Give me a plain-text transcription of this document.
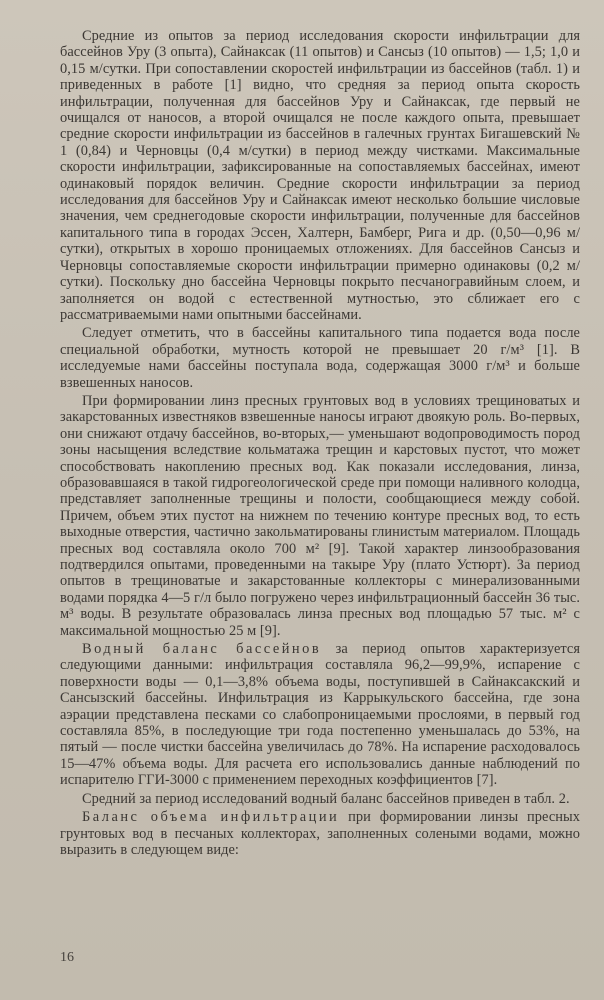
Средние из опытов за период исследования скорости инфильтрации для бассейнов Уру (3 опыта), Сайнаксак (11 опытов) и Сансыз (10 опытов) — 1,5; 1,0 и 0,15 м/сутки. При сопоставлении скоростей инфильтрации из бассейнов (табл. 1) и приведенных в работе [1] видно, что средняя за период опыта скорость инфильтрации, полученная для бассейнов Уру и Сайнаксак, где первый не очищался от наносов, а второй очищался не после каждого опыта, превышает средние скорости инфильтрации из бассейнов в галечных грунтах Бигашевский № 1 (0,84) и Черновцы (0,4 м/сутки) в период между чистками. Максимальные скорости инфильтрации, зафиксированные на сопоставляемых бассейнах, имеют одинаковый порядок величин. Средние скорости инфильтрации за период исследования для бассейнов Уру и Сайнаксак имеют несколько большие числовые значения, чем среднегодовые скорости инфильтрации, полученные для бассейнов капитального типа в городах Эссен, Халтерн, Бамберг, Рига и др. (0,50—0,96 м/сутки), открытых в хорошо проницаемых отложениях. Для бассейнов Сансыз и Черновцы сопоставляемые скорости инфильтрации примерно одинаковы (0,2 м/сутки). Поскольку дно бассейна Черновцы покрыто песчаногравийным слоем, и заполняется он водой с естественной мутностью, это сближает его с рассматриваемыми нами опытными бассейнами.

Следует отметить, что в бассейны капитального типа подается вода после специальной обработки, мутность которой не превышает 20 г/м³ [1]. В исследуемые нами бассейны поступала вода, содержащая 3000 г/м³ и больше взвешенных наносов.

При формировании линз пресных грунтовых вод в условиях трещиноватых и закарстованных известняков взвешенные наносы играют двоякую роль. Во-первых, они снижают отдачу бассейнов, во-вторых,— уменьшают водопроводимость пород зоны насыщения вследствие кольматажа трещин и карстовых пустот, что может способствовать накоплению пресных вод. Как показали исследования, линза, образовавшаяся в такой гидрогеологической среде при помощи наливного колодца, представляет заполненные трещины и полости, сообщающиеся между собой. Причем, объем этих пустот на нижнем по течению контуре пресных вод, то есть выходные отверстия, частично закольматированы глинистым материалом. Площадь пресных вод составляла около 700 м² [9]. Такой характер линзообразования подтвердился опытами, проведенными на такыре Уру (плато Устюрт). За период опытов в трещиноватые и закарстованные коллекторы с минерализованными водами порядка 4—5 г/л было погружено через инфильтрационный бассейн 36 тыс. м³ воды. В результате образовалась линза пресных вод площадью 57 тыс. м² с максимальной мощностью 25 м [9].

Водный баланс бассейнов за период опытов характеризуется следующими данными: инфильтрация составляла 96,2—99,9%, испарение с поверхности воды — 0,1—3,8% объема воды, поступившей в Сайнаксакский и Сансызский бассейны. Инфильтрация из Каррыкульского бассейна, где зона аэрации представлена песками со слабопроницаемыми прослоями, в первый год составляла 85%, в последующие три года постепенно уменьшалась до 53%, на пятый — после чистки бассейна увеличилась до 78%. На испарение расходовалось 15—47% объема воды. Для расчета его использовались данные наблюдений по испарителю ГГИ-3000 с применением переходных коэффициентов [7].

Средний за период исследований водный баланс бассейнов приведен в табл. 2.

Баланс объема инфильтрации при формировании линзы пресных грунтовых вод в песчаных коллекторах, заполненных солеными водами, можно выразить в следующем виде:

16
